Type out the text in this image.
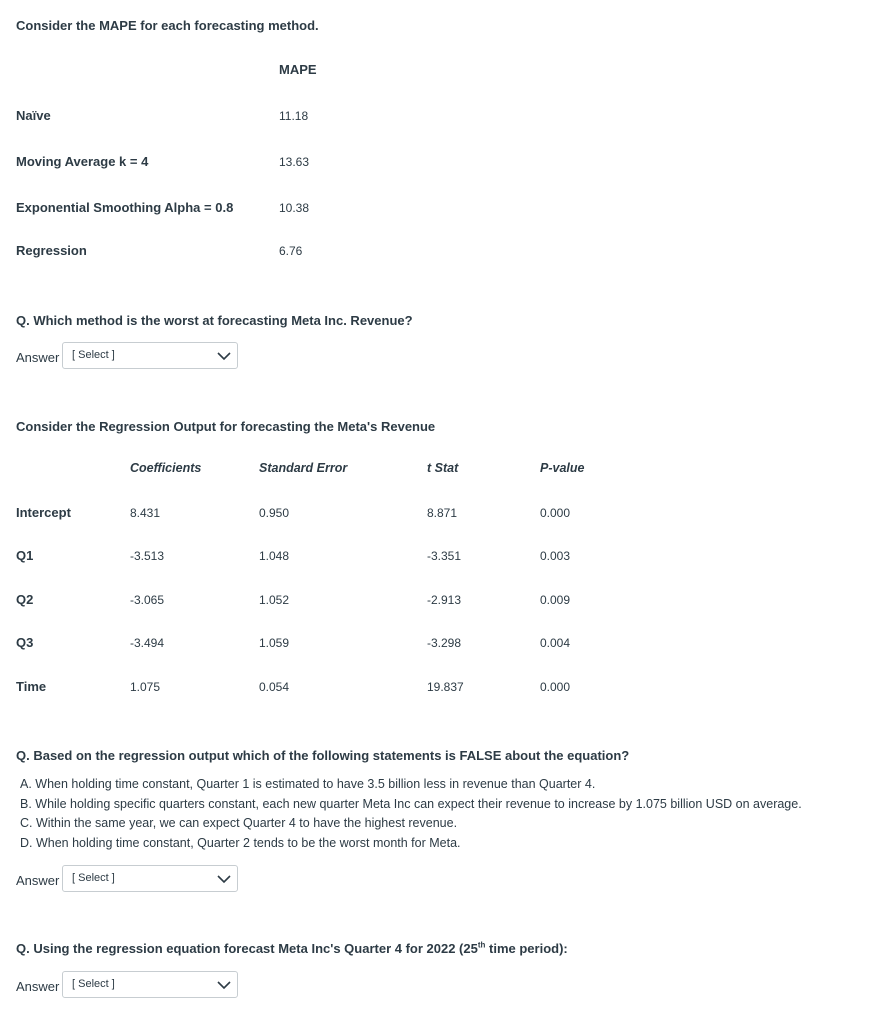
Consider the MAPE for each forecasting method.
MAPE
Naïve	11.18
Moving Average k = 4	13.63
Exponential Smoothing Alpha = 0.8	10.38
Regression	6.76
Q. Which method is the worst at forecasting Meta Inc. Revenue?
Answer [ Select ]
Consider the Regression Output for forecasting the Meta's Revenue
Coefficients	Standard Error	t Stat	P-value
Intercept	8.431	0.950	8.871	0.000
Q1	-3.513	1.048	-3.351	0.003
Q2	-3.065	1.052	-2.913	0.009
Q3	-3.494	1.059	-3.298	0.004
Time	1.075	0.054	19.837	0.000
Q. Based on the regression output which of the following statements is FALSE about the equation?
A. When holding time constant, Quarter 1 is estimated to have 3.5 billion less in revenue than Quarter 4.
B. While holding specific quarters constant, each new quarter Meta Inc can expect their revenue to increase by 1.075 billion USD on average.
C. Within the same year, we can expect Quarter 4 to have the highest revenue.
D. When holding time constant, Quarter 2 tends to be the worst month for Meta.
Answer [ Select ]
Q. Using the regression equation forecast Meta Inc's Quarter 4 for 2022 (25th time period):
Answer [ Select ]
